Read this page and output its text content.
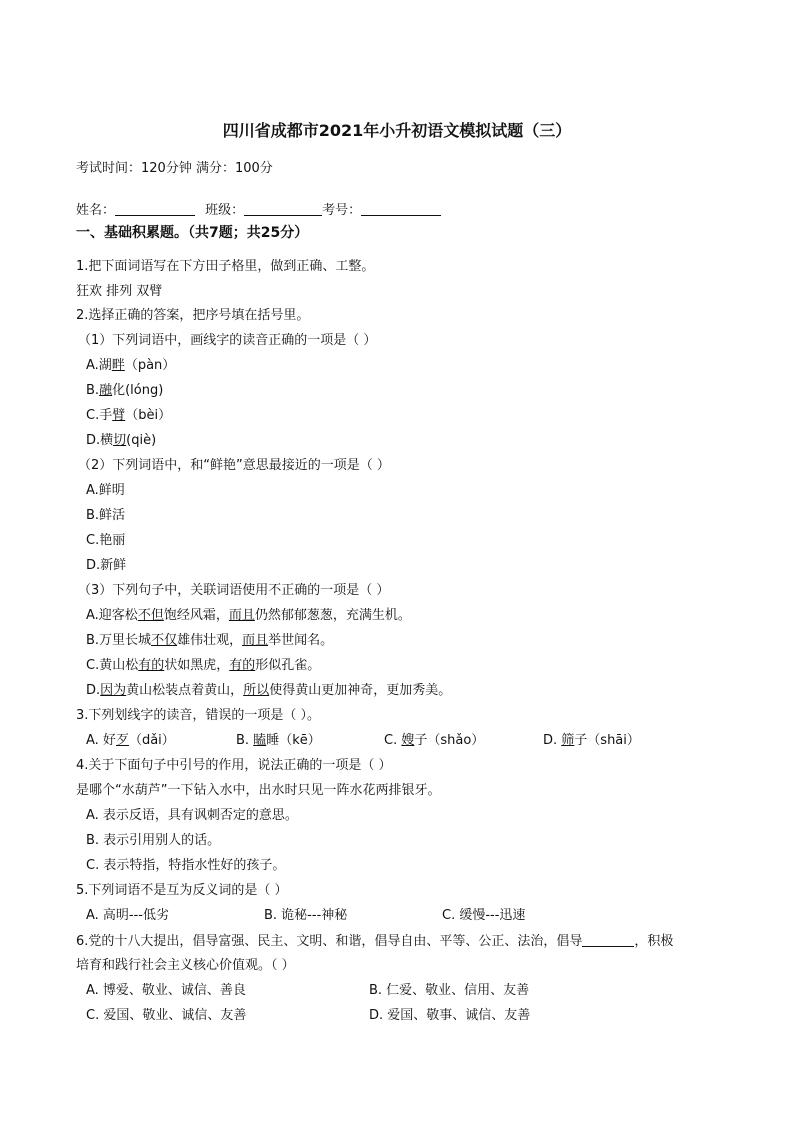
四川省成都市2021年小升初语文模拟试题（三）
考试时间：120分钟 满分：100分
姓名：	班级：	考号：
一、基础积累题。（共7题；共25分）
1.把下面词语写在下方田子格里，做到正确、工整。
狂欢 排列 双臂
2.选择正确的答案，把序号填在括号里。
（1）下列词语中，画线字的读音正确的一项是（ ）
A.湖畔（pàn）
B.融化(lóng)
C.手臂（bèi）
D.横切(qiè)
（2）下列词语中，和“鲜艳”意思最接近的一项是（ ）
A.鲜明
B.鲜活
C.艳丽
D.新鲜
（3）下列句子中，关联词语使用不正确的一项是（ ）
A.迎客松不但饱经风霜，而且仍然郁郁葱葱，充满生机。
B.万里长城不仅雄伟壮观，而且举世闻名。
C.黄山松有的状如黑虎，有的形似孔雀。
D.因为黄山松装点着黄山，所以使得黄山更加神奇，更加秀美。
3.下列划线字的读音，错误的一项是（ ）。
A. 好歹（dǎi）	B. 瞌睡（kē）	C. 嫂子（shǎo）	D. 筛子（shāi）
4.关于下面句子中引号的作用，说法正确的一项是（ ）
是哪个“水葫芦”一下钻入水中，出水时只见一阵水花两排银牙。
A. 表示反语，具有讽刺否定的意思。
B. 表示引用别人的话。
C. 表示特指，特指水性好的孩子。
5.下列词语不是互为反义词的是（ ）
A. 高明---低劣	B. 诡秘---神秘	C. 缓慢---迅速
6.党的十八大提出，倡导富强、民主、文明、和谐，倡导自由、平等、公正、法治，倡导	，积极
培育和践行社会主义核心价值观。（ ）
A. 博爱、敬业、诚信、善良	B. 仁爱、敬业、信用、友善
C. 爱国、敬业、诚信、友善	D. 爱国、敬事、诚信、友善
